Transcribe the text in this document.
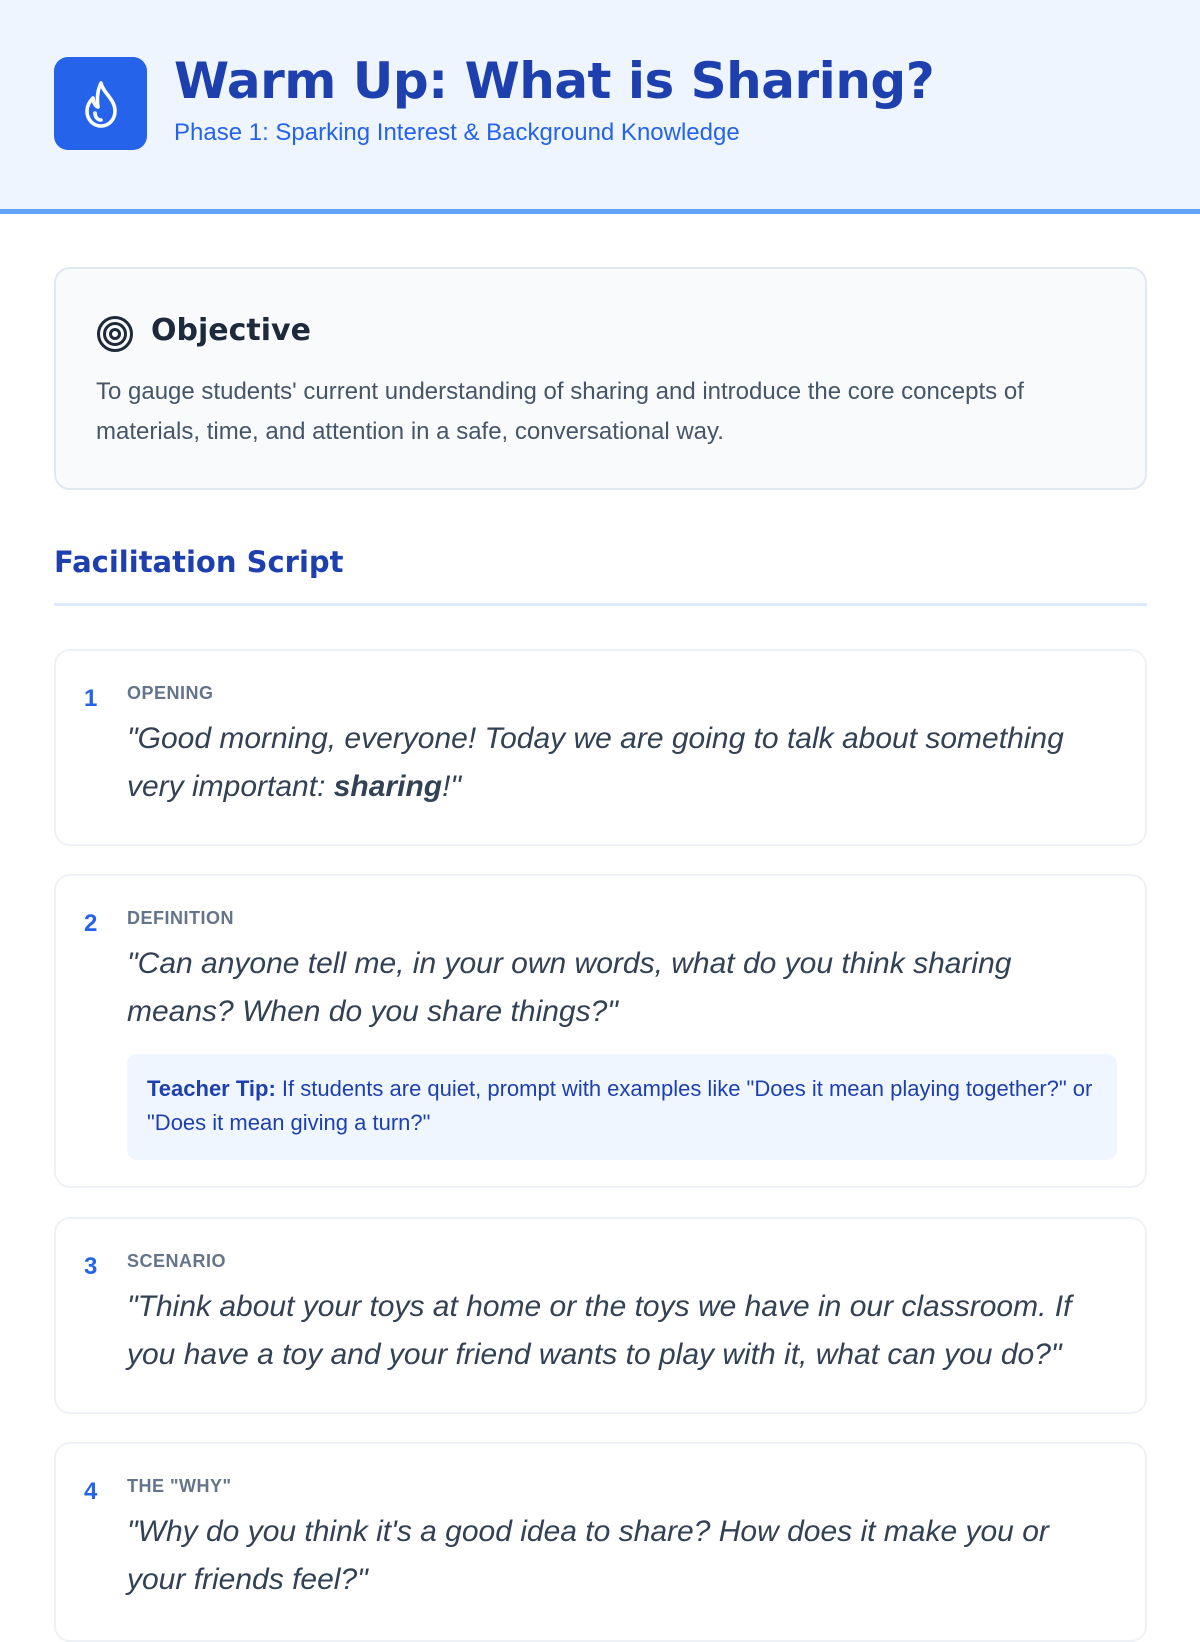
Warm Up: What is Sharing?
Phase 1: Sparking Interest & Background Knowledge
Objective
To gauge students' current understanding of sharing and introduce the core concepts of materials, time, and attention in a safe, conversational way.
Facilitation Script
1 OPENING
"Good morning, everyone! Today we are going to talk about something very important: sharing!"
2 DEFINITION
"Can anyone tell me, in your own words, what do you think sharing means? When do you share things?"
Teacher Tip: If students are quiet, prompt with examples like "Does it mean playing together?" or "Does it mean giving a turn?"
3 SCENARIO
"Think about your toys at home or the toys we have in our classroom. If you have a toy and your friend wants to play with it, what can you do?"
4 THE "WHY"
"Why do you think it's a good idea to share? How does it make you or your friends feel?"
